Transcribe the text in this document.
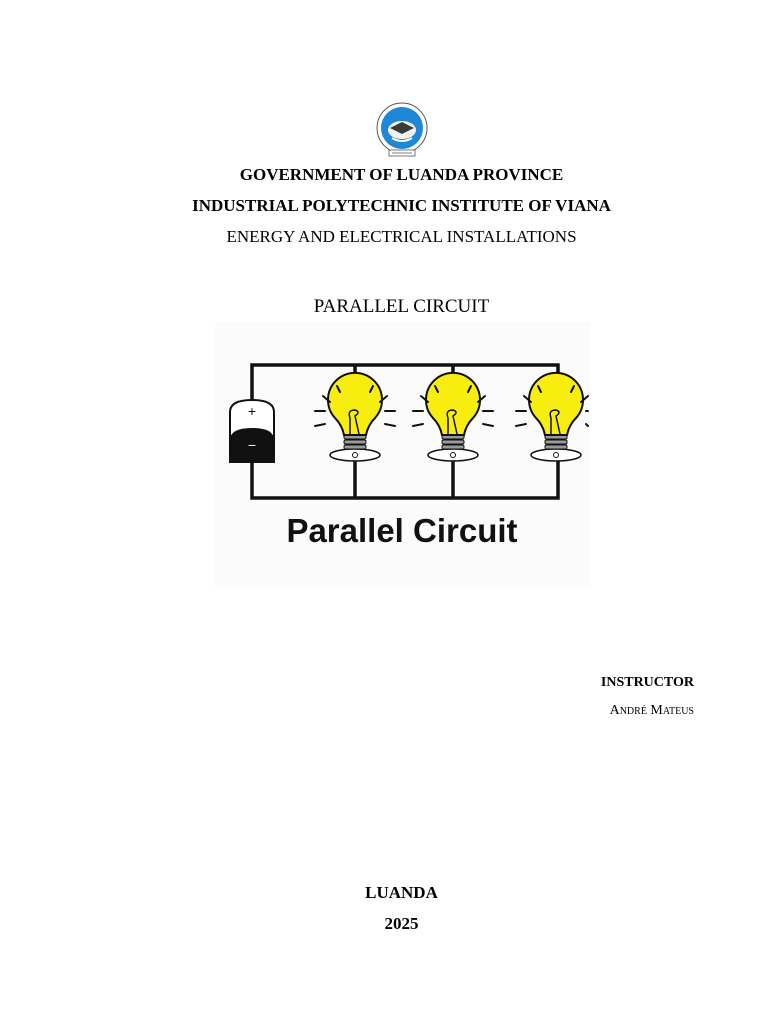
GOVERNMENT OF LUANDA PROVINCE
INDUSTRIAL POLYTECHNIC INSTITUTE OF VIANA
ENERGY AND ELECTRICAL INSTALLATIONS
PARALLEL CIRCUIT
+
−
Parallel Circuit
INSTRUCTOR
André Mateus
LUANDA
2025
